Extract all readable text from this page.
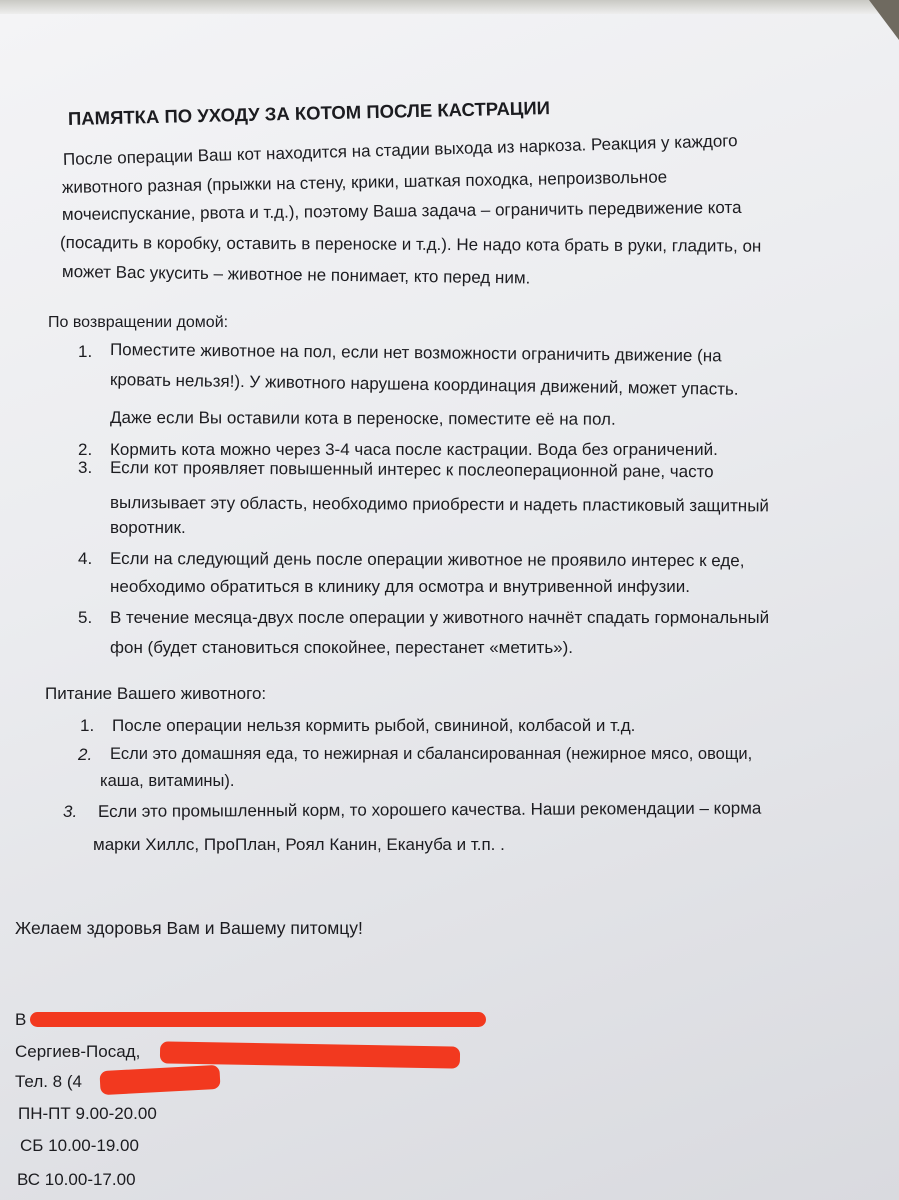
ПАМЯТКА ПО УХОДУ ЗА КОТОМ ПОСЛЕ КАСТРАЦИИ
После операции Ваш кот находится на стадии выхода из наркоза. Реакция у каждого
животного разная (прыжки на стену, крики, шаткая походка, непроизвольное
мочеиспускание, рвота и т.д.), поэтому Ваша задача – ограничить передвижение кота
(посадить в коробку, оставить в переноске и т.д.). Не надо кота брать в руки, гладить, он
может Вас укусить – животное не понимает, кто перед ним.
По возвращении домой:
1. Поместите животное на пол, если нет возможности ограничить движение (на
кровать нельзя!). У животного нарушена координация движений, может упасть.
Даже если Вы оставили кота в переноске, поместите её на пол.
2. Кормить кота можно через 3-4 часа после кастрации. Вода без ограничений.
3. Если кот проявляет повышенный интерес к послеоперационной ране, часто
вылизывает эту область, необходимо приобрести и надеть пластиковый защитный
воротник.
4. Если на следующий день после операции животное не проявило интерес к еде,
необходимо обратиться в клинику для осмотра и внутривенной инфузии.
5. В течение месяца-двух после операции у животного начнёт спадать гормональный
фон (будет становиться спокойнее, перестанет «метить»).
Питание Вашего животного:
1. После операции нельзя кормить рыбой, свининой, колбасой и т.д.
2. Если это домашняя еда, то нежирная и сбалансированная (нежирное мясо, овощи,
каша, витамины).
3. Если это промышленный корм, то хорошего качества. Наши рекомендации – корма
марки Хиллс, ПроПлан, Роял Канин, Екануба и т.п. .
Желаем здоровья Вам и Вашему питомцу!
В
Сергиев-Посад,
Тел. 8 (4
ПН-ПТ 9.00-20.00
СБ 10.00-19.00
ВС 10.00-17.00
